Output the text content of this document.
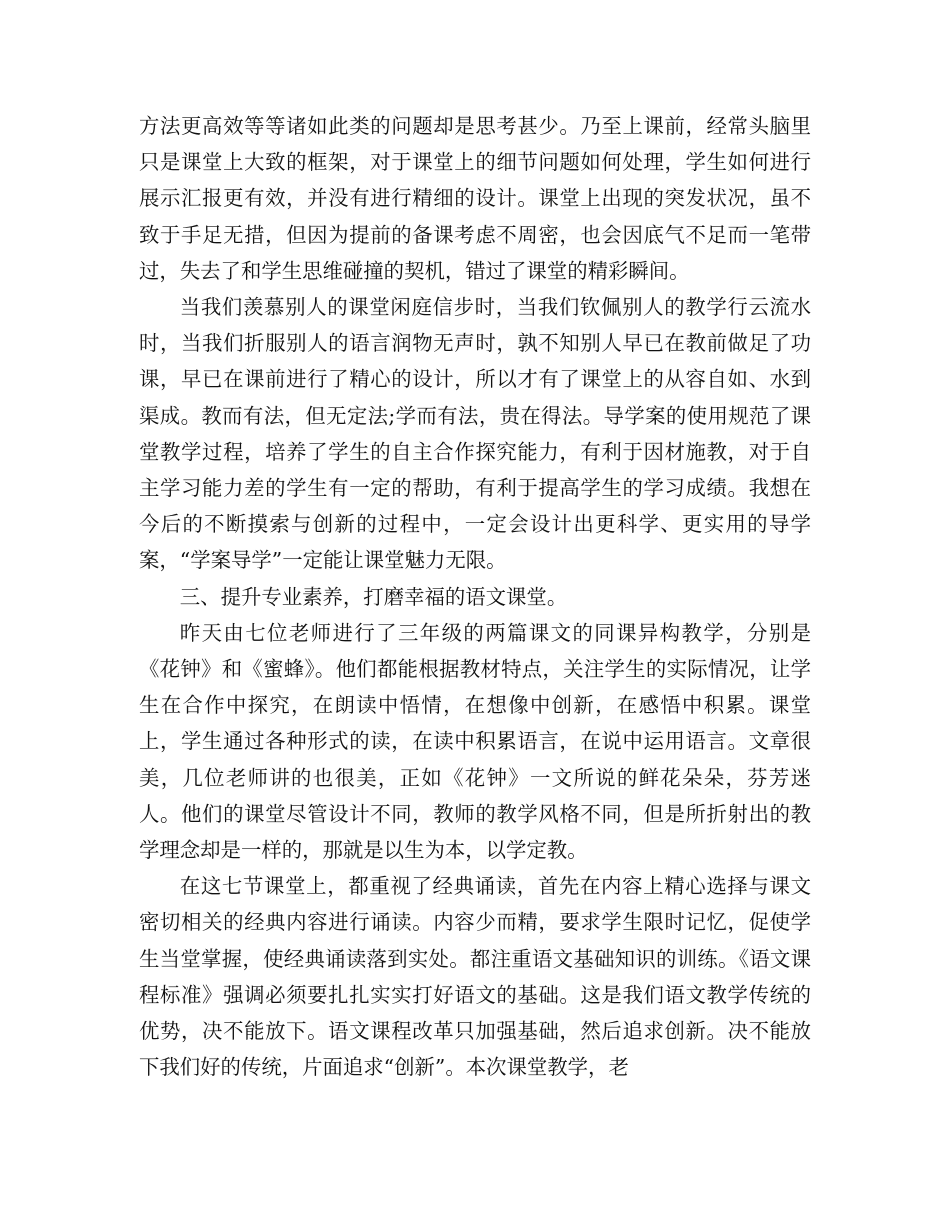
方法更高效等等诸如此类的问题却是思考甚少。乃至上课前，经常头脑里只是课堂上大致的框架，对于课堂上的细节问题如何处理，学生如何进行展示汇报更有效，并没有进行精细的设计。课堂上出现的突发状况，虽不致于手足无措，但因为提前的备课考虑不周密，也会因底气不足而一笔带过，失去了和学生思维碰撞的契机，错过了课堂的精彩瞬间。

当我们羡慕别人的课堂闲庭信步时，当我们钦佩别人的教学行云流水时，当我们折服别人的语言润物无声时，孰不知别人早已在教前做足了功课，早已在课前进行了精心的设计，所以才有了课堂上的从容自如、水到渠成。教而有法，但无定法;学而有法，贵在得法。导学案的使用规范了课堂教学过程，培养了学生的自主合作探究能力，有利于因材施教，对于自主学习能力差的学生有一定的帮助，有利于提高学生的学习成绩。我想在今后的不断摸索与创新的过程中，一定会设计出更科学、更实用的导学案，“学案导学”一定能让课堂魅力无限。

三、提升专业素养，打磨幸福的语文课堂。

昨天由七位老师进行了三年级的两篇课文的同课异构教学，分别是《花钟》和《蜜蜂》。他们都能根据教材特点，关注学生的实际情况，让学生在合作中探究，在朗读中悟情，在想像中创新，在感悟中积累。课堂上，学生通过各种形式的读，在读中积累语言，在说中运用语言。文章很美，几位老师讲的也很美，正如《花钟》一文所说的鲜花朵朵，芬芳迷人。他们的课堂尽管设计不同，教师的教学风格不同，但是所折射出的教学理念却是一样的，那就是以生为本，以学定教。

在这七节课堂上，都重视了经典诵读，首先在内容上精心选择与课文密切相关的经典内容进行诵读。内容少而精，要求学生限时记忆，促使学生当堂掌握，使经典诵读落到实处。都注重语文基础知识的训练。《语文课程标准》强调必须要扎扎实实打好语文的基础。这是我们语文教学传统的优势，决不能放下。语文课程改革只加强基础，然后追求创新。决不能放下我们好的传统，片面追求“创新”。本次课堂教学，老
